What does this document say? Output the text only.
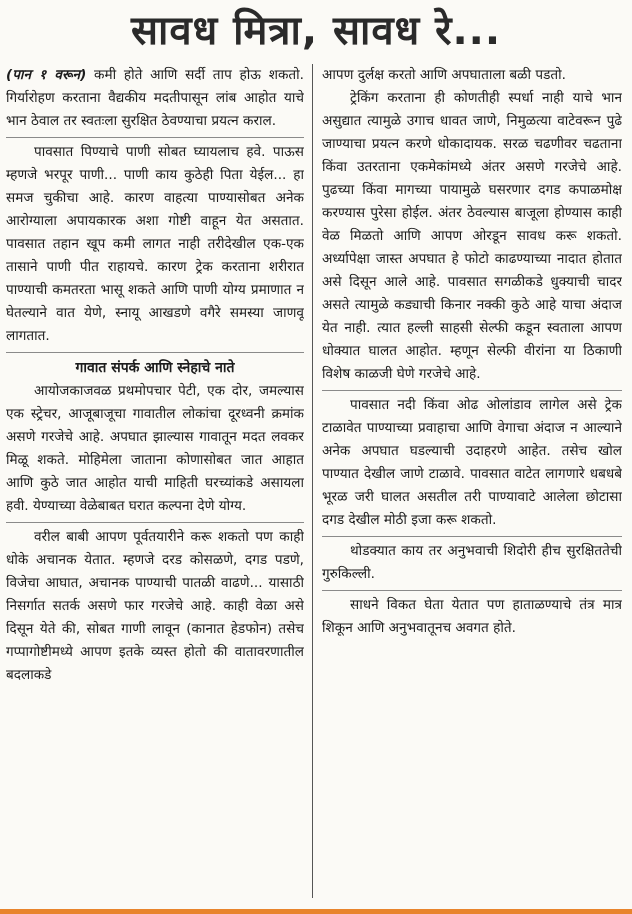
सावध मित्रा, सावध रे...

(पान १ वरून) कमी होते आणि सर्दी ताप होऊ शकतो. गिर्यारोहण करताना वैद्यकीय मदतीपासून लांब आहोत याचे भान ठेवाल तर स्वतःला सुरक्षित ठेवण्याचा प्रयत्न कराल.

पावसात पिण्याचे पाणी सोबत घ्यायलाच हवे. पाऊस म्हणजे भरपूर पाणी... पाणी काय कुठेही पिता येईल... हा समज चुकीचा आहे. कारण वाहत्या पाण्यासोबत अनेक आरोग्याला अपायकारक अशा गोष्टी वाहून येत असतात. पावसात तहान खूप कमी लागत नाही तरीदेखील एक-एक तासाने पाणी पीत राहायचे. कारण ट्रेक करताना शरीरात पाण्याची कमतरता भासू शकते आणि पाणी योग्य प्रमाणात न घेतल्याने वात येणे, स्नायू आखडणे वगैरे समस्या जाणवू लागतात.

गावात संपर्क आणि स्नेहाचे नाते

आयोजकाजवळ प्रथमोपचार पेटी, एक दोर, जमल्यास एक स्ट्रेचर, आजूबाजूचा गावातील लोकांचा दूरध्वनी क्रमांक असणे गरजेचे आहे. अपघात झाल्यास गावातून मदत लवकर मिळू शकते. मोहिमेला जाताना कोणासोबत जात आहात आणि कुठे जात आहोत याची माहिती घरच्यांकडे असायला हवी. येण्याच्या वेळेबाबत घरात कल्पना देणे योग्य.

वरील बाबी आपण पूर्वतयारीने करू शकतो पण काही धोके अचानक येतात. म्हणजे दरड कोसळणे, दगड पडणे, विजेचा आघात, अचानक पाण्याची पातळी वाढणे... यासाठी निसर्गात सतर्क असणे फार गरजेचे आहे. काही वेळा असे दिसून येते की, सोबत गाणी लावून (कानात हेडफोन) तसेच गप्पागोष्टीमध्ये आपण इतके व्यस्त होतो की वातावरणातील बदलाकडे

आपण दुर्लक्ष करतो आणि अपघाताला बळी पडतो.

ट्रेकिंग करताना ही कोणतीही स्पर्धा नाही याचे भान असुद्यात त्यामुळे उगाच धावत जाणे, निमुळत्या वाटेवरून पुढे जाण्याचा प्रयत्न करणे धोकादायक. सरळ चढणीवर चढताना किंवा उतरताना एकमेकांमध्ये अंतर असणे गरजेचे आहे. पुढच्या किंवा मागच्या पायामुळे घसरणार दगड कपाळमोक्ष करण्यास पुरेसा होईल. अंतर ठेवल्यास बाजूला होण्यास काही वेळ मिळतो आणि आपण ओरडून सावध करू शकतो. अर्ध्यापेक्षा जास्त अपघात हे फोटो काढण्याच्या नादात होतात असे दिसून आले आहे. पावसात सगळीकडे धुक्याची चादर असते त्यामुळे कड्याची किनार नक्की कुठे आहे याचा अंदाज येत नाही. त्यात हल्ली साहसी सेल्फी कडून स्वताला आपण धोक्यात घालत आहोत. म्हणून सेल्फी वीरांना या ठिकाणी विशेष काळजी घेणे गरजेचे आहे.

पावसात नदी किंवा ओढ ओलांडाव लागेल असे ट्रेक टाळावेत पाण्याच्या प्रवाहाचा आणि वेगाचा अंदाज न आल्याने अनेक अपघात घडल्याची उदाहरणे आहेत. तसेच खोल पाण्यात देखील जाणे टाळावे. पावसात वाटेत लागणारे धबधबे भूरळ जरी घालत असतील तरी पाण्यावाटे आलेला छोटासा दगड देखील मोठी इजा करू शकतो.

थोडक्यात काय तर अनुभवाची शिदोरी हीच सुरक्षिततेची गुरुकिल्ली.

साधने विकत घेता येतात पण हाताळण्याचे तंत्र मात्र शिकून आणि अनुभवातूनच अवगत होते.
